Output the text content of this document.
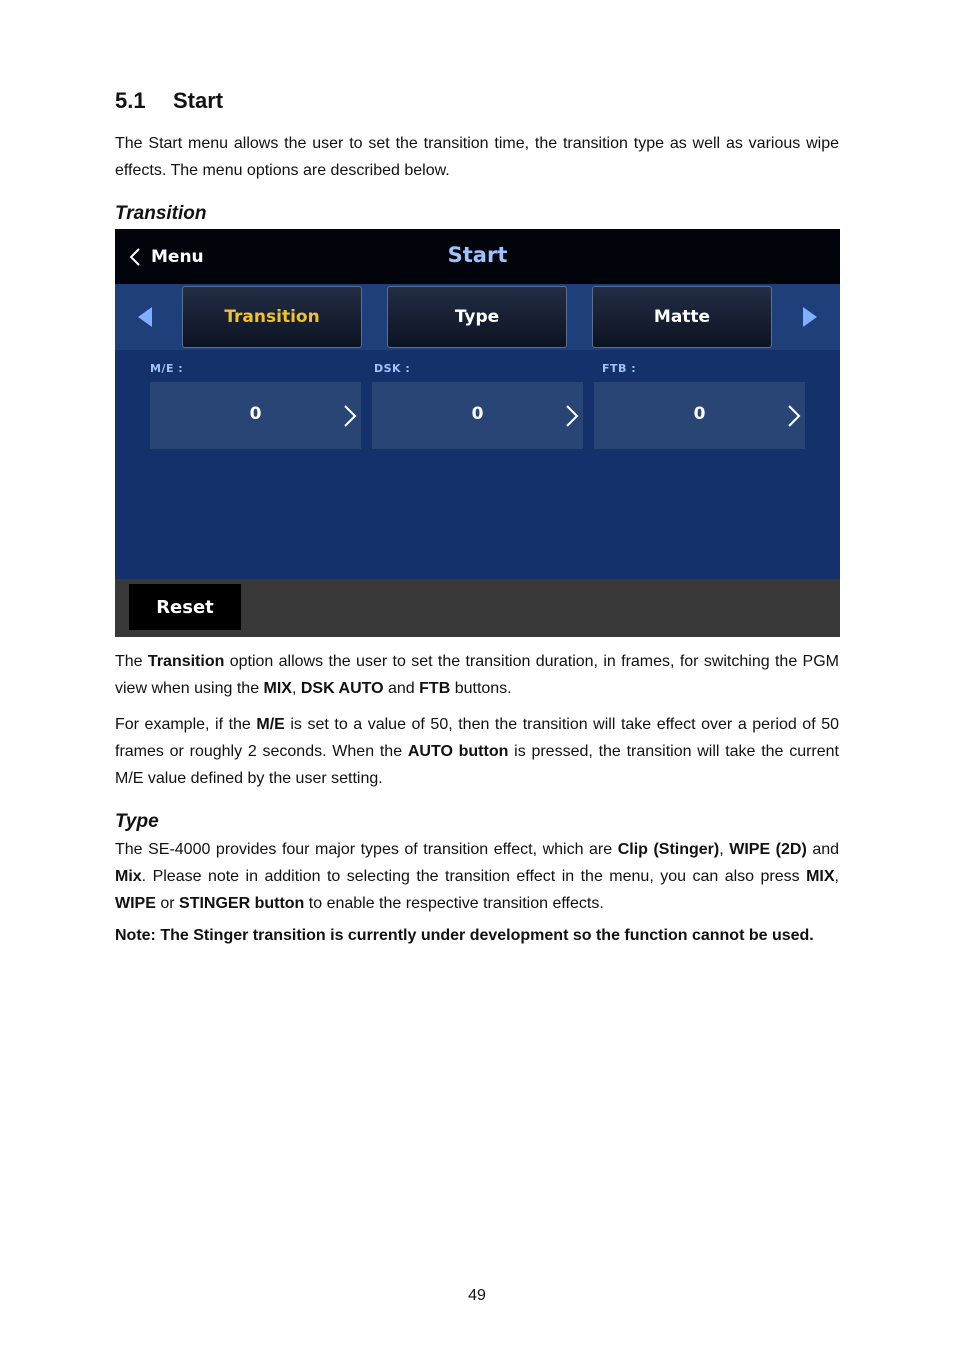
5.1 Start

The Start menu allows the user to set the transition time, the transition type as well as various wipe effects. The menu options are described below.

Transition
Menu	Start
Transition	Type	Matte
M/E :	DSK :	FTB :
0	0	0
Reset

The Transition option allows the user to set the transition duration, in frames, for switching the PGM view when using the MIX, DSK AUTO and FTB buttons.

For example, if the M/E is set to a value of 50, then the transition will take effect over a period of 50 frames or roughly 2 seconds. When the AUTO button is pressed, the transition will take the current M/E value defined by the user setting.

Type

The SE-4000 provides four major types of transition effect, which are Clip (Stinger), WIPE (2D) and Mix. Please note in addition to selecting the transition effect in the menu, you can also press MIX, WIPE or STINGER button to enable the respective transition effects.

Note: The Stinger transition is currently under development so the function cannot be used.

49
